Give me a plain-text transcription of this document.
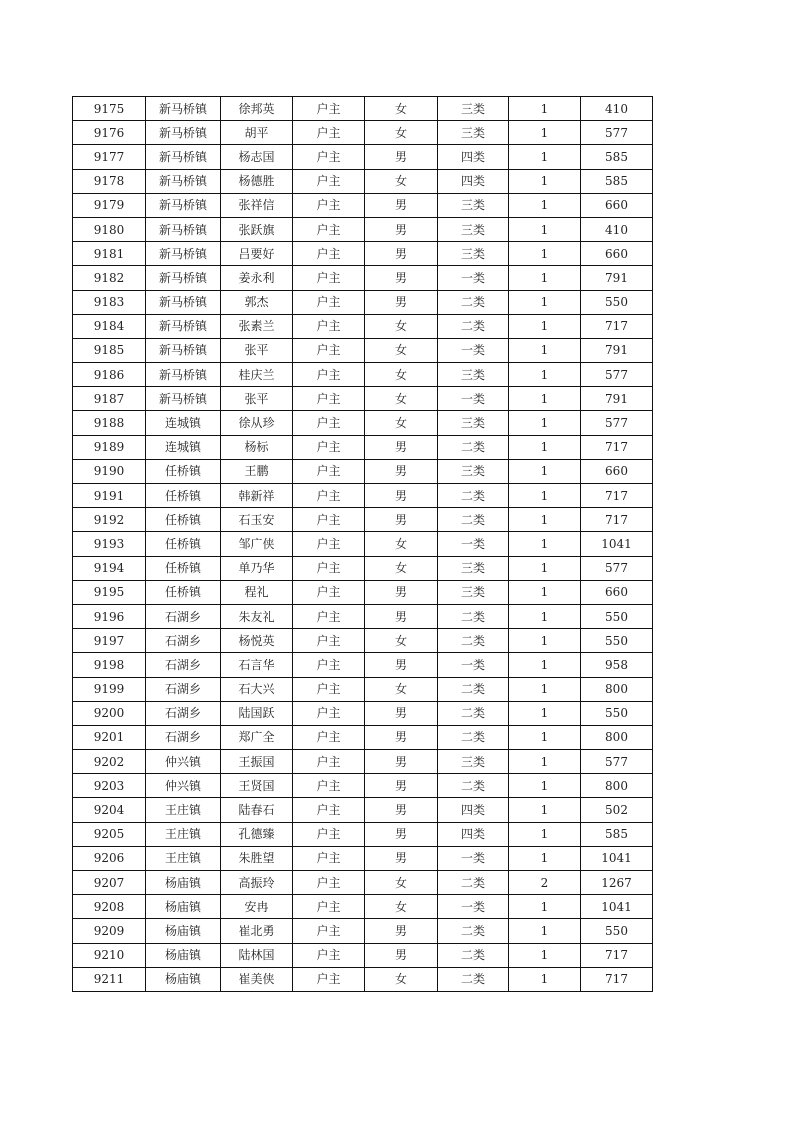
9175	新马桥镇	徐邦英	户主	女	三类	1	410
9176	新马桥镇	胡平	户主	女	三类	1	577
9177	新马桥镇	杨志国	户主	男	四类	1	585
9178	新马桥镇	杨德胜	户主	女	四类	1	585
9179	新马桥镇	张祥信	户主	男	三类	1	660
9180	新马桥镇	张跃旗	户主	男	三类	1	410
9181	新马桥镇	吕要好	户主	男	三类	1	660
9182	新马桥镇	姜永利	户主	男	一类	1	791
9183	新马桥镇	郭杰	户主	男	二类	1	550
9184	新马桥镇	张素兰	户主	女	二类	1	717
9185	新马桥镇	张平	户主	女	一类	1	791
9186	新马桥镇	桂庆兰	户主	女	三类	1	577
9187	新马桥镇	张平	户主	女	一类	1	791
9188	连城镇	徐从珍	户主	女	三类	1	577
9189	连城镇	杨标	户主	男	二类	1	717
9190	任桥镇	王鹏	户主	男	三类	1	660
9191	任桥镇	韩新祥	户主	男	二类	1	717
9192	任桥镇	石玉安	户主	男	二类	1	717
9193	任桥镇	邹广侠	户主	女	一类	1	1041
9194	任桥镇	单乃华	户主	女	三类	1	577
9195	任桥镇	程礼	户主	男	三类	1	660
9196	石湖乡	朱友礼	户主	男	二类	1	550
9197	石湖乡	杨悦英	户主	女	二类	1	550
9198	石湖乡	石言华	户主	男	一类	1	958
9199	石湖乡	石大兴	户主	女	二类	1	800
9200	石湖乡	陆国跃	户主	男	二类	1	550
9201	石湖乡	郑广全	户主	男	二类	1	800
9202	仲兴镇	王振国	户主	男	三类	1	577
9203	仲兴镇	王贤国	户主	男	二类	1	800
9204	王庄镇	陆春石	户主	男	四类	1	502
9205	王庄镇	孔德臻	户主	男	四类	1	585
9206	王庄镇	朱胜望	户主	男	一类	1	1041
9207	杨庙镇	高振玲	户主	女	二类	2	1267
9208	杨庙镇	安冉	户主	女	一类	1	1041
9209	杨庙镇	崔北勇	户主	男	二类	1	550
9210	杨庙镇	陆林国	户主	男	二类	1	717
9211	杨庙镇	崔美侠	户主	女	二类	1	717
